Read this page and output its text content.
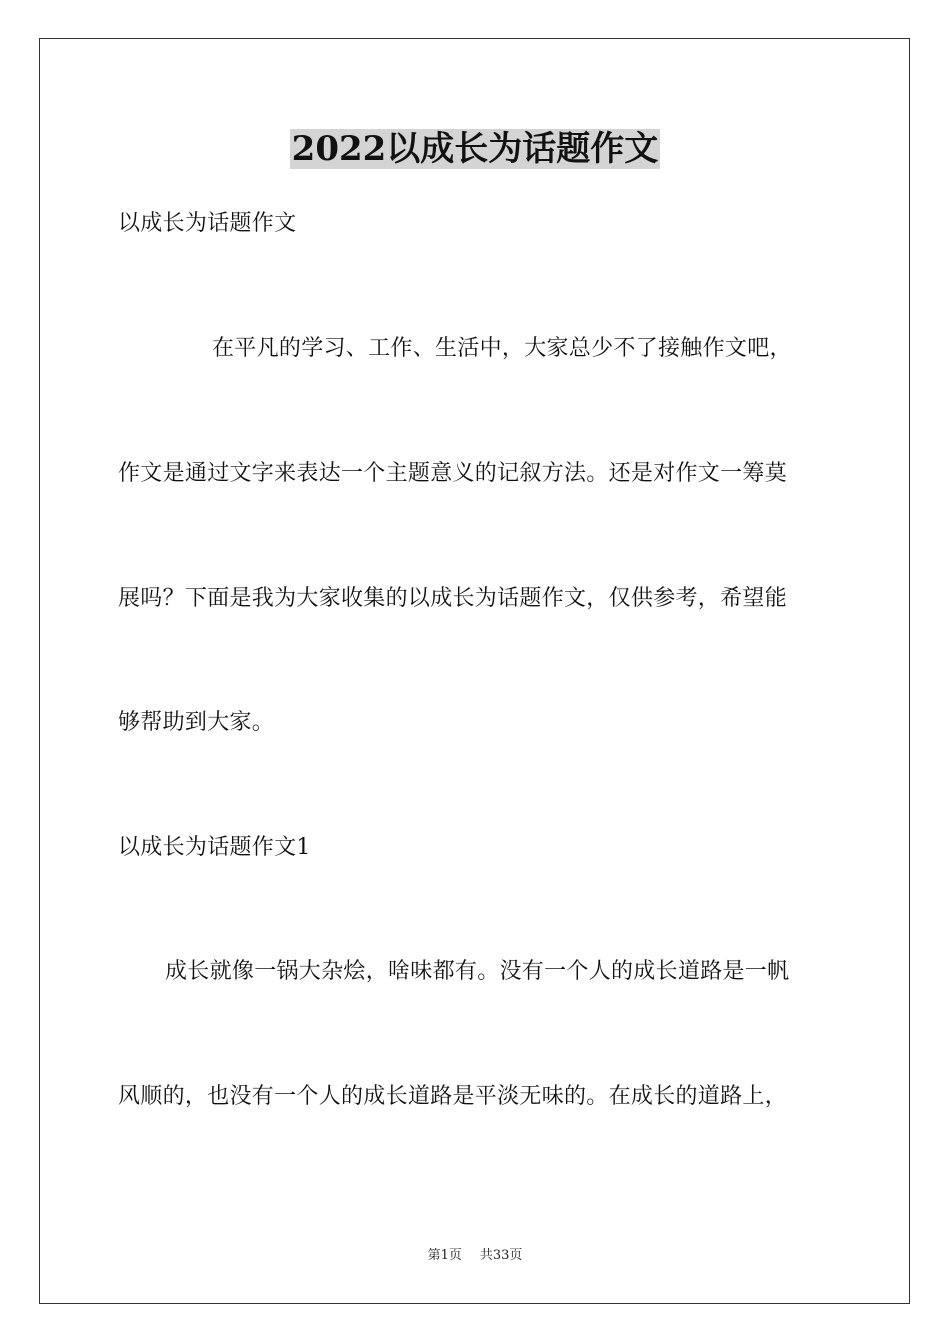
2022以成长为话题作文
以成长为话题作文
在平凡的学习、工作、生活中，大家总少不了接触作文吧，
作文是通过文字来表达一个主题意义的记叙方法。还是对作文一筹莫
展吗？下面是我为大家收集的以成长为话题作文，仅供参考，希望能
够帮助到大家。
以成长为话题作文1
成长就像一锅大杂烩，啥味都有。没有一个人的成长道路是一帆
风顺的，也没有一个人的成长道路是平淡无味的。在成长的道路上，
第1页 共33页
